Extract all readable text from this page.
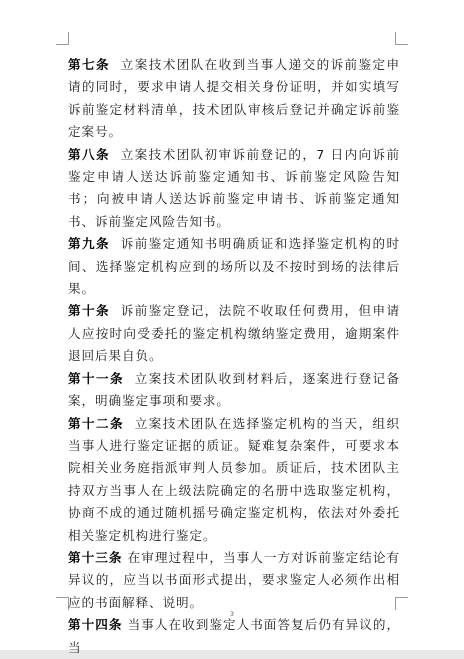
第七条 立案技术团队在收到当事人递交的诉前鉴定申请的同时，要求申请人提交相关身份证明，并如实填写诉前鉴定材料清单，技术团队审核后登记并确定诉前鉴定案号。

第八条 立案技术团队初审诉前登记的，7 日内向诉前鉴定申请人送达诉前鉴定通知书、诉前鉴定风险告知书；向被申请人送达诉前鉴定申请书、诉前鉴定通知书、诉前鉴定风险告知书。

第九条 诉前鉴定通知书明确质证和选择鉴定机构的时间、选择鉴定机构应到的场所以及不按时到场的法律后果。

第十条 诉前鉴定登记，法院不收取任何费用，但申请人应按时向受委托的鉴定机构缴纳鉴定费用，逾期案件退回后果自负。

第十一条 立案技术团队收到材料后，逐案进行登记备案，明确鉴定事项和要求。

第十二条 立案技术团队在选择鉴定机构的当天，组织当事人进行鉴定证据的质证。疑难复杂案件，可要求本院相关业务庭指派审判人员参加。质证后，技术团队主持双方当事人在上级法院确定的名册中选取鉴定机构，协商不成的通过随机摇号确定鉴定机构，依法对外委托相关鉴定机构进行鉴定。

第十三条 在审理过程中，当事人一方对诉前鉴定结论有异议的，应当以书面形式提出，要求鉴定人必须作出相应的书面解释、说明。

第十四条 当事人在收到鉴定人书面答复后仍有异议的，当

3
